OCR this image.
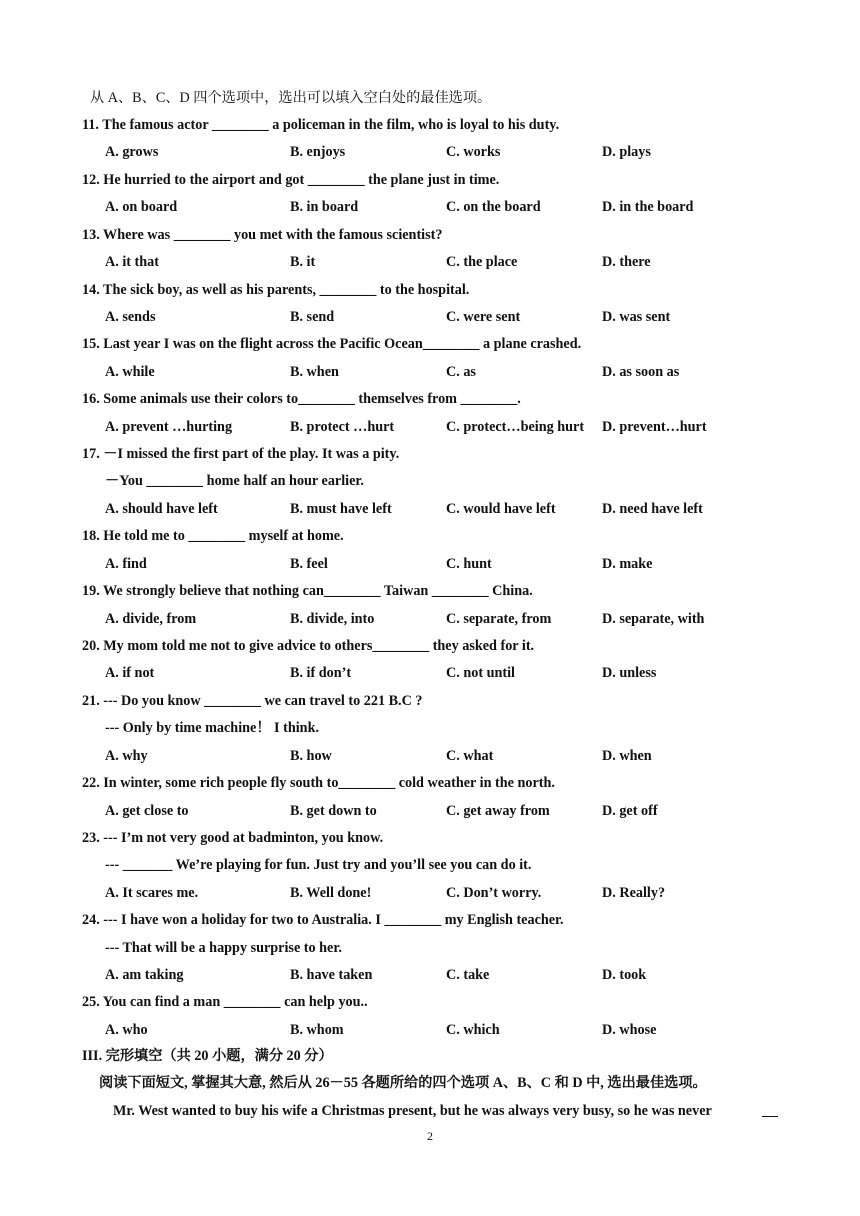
从 A、B、C、D 四个选项中，选出可以填入空白处的最佳选项。
11. The famous actor ________ a policeman in the film, who is loyal to his duty.
A. grows	B. enjoys	C. works	D. plays
12. He hurried to the airport and got ________ the plane just in time.
A. on board	B. in board	C. on the board	D. in the board
13. Where was ________ you met with the famous scientist?
A. it that	B. it	C. the place	D. there
14. The sick boy, as well as his parents, ________ to the hospital.
A. sends	B. send	C. were sent	D. was sent
15. Last year I was on the flight across the Pacific Ocean________ a plane crashed.
A. while	B. when	C. as	D. as soon as
16. Some animals use their colors to________ themselves from ________.
A. prevent …hurting	B. protect …hurt	C. protect…being hurt D. prevent…hurt
17. －I missed the first part of the play. It was a pity.
－You ________ home half an hour earlier.
A. should have left	B. must have left	C. would have left	D. need have left
18. He told me to ________ myself at home.
A. find	B. feel	C. hunt	D. make
19. We strongly believe that nothing can________ Taiwan ________ China.
A. divide, from	B. divide, into	C. separate, from	D. separate, with
20. My mom told me not to give advice to others________ they asked for it.
A. if not	B. if don’t	C. not until	D. unless
21. --- Do you know ________ we can travel to 221 B.C ?
--- Only by time machine！ I think.
A. why	B. how	C. what	D. when
22. In winter, some rich people fly south to________ cold weather in the north.
A. get close to	B. get down to	C. get away from	D. get off
23. --- I’m not very good at badminton, you know.
--- _______ We’re playing for fun. Just try and you’ll see you can do it.
A. It scares me.	B. Well done!	C. Don’t worry.	D. Really?
24. --- I have won a holiday for two to Australia. I ________ my English teacher.
--- That will be a happy surprise to her.
A. am taking	B. have taken	C. take	D. took
25. You can find a man ________ can help you..
A. who	B. whom	C. which	D. whose
III. 完形填空（共 20 小题，满分 20 分）
阅读下面短文, 掌握其大意, 然后从 26－55 各题所给的四个选项 A、B、C 和 D 中, 选出最佳选项。
Mr. West wanted to buy his wife a Christmas present, but he was always very busy, so he was never
2
